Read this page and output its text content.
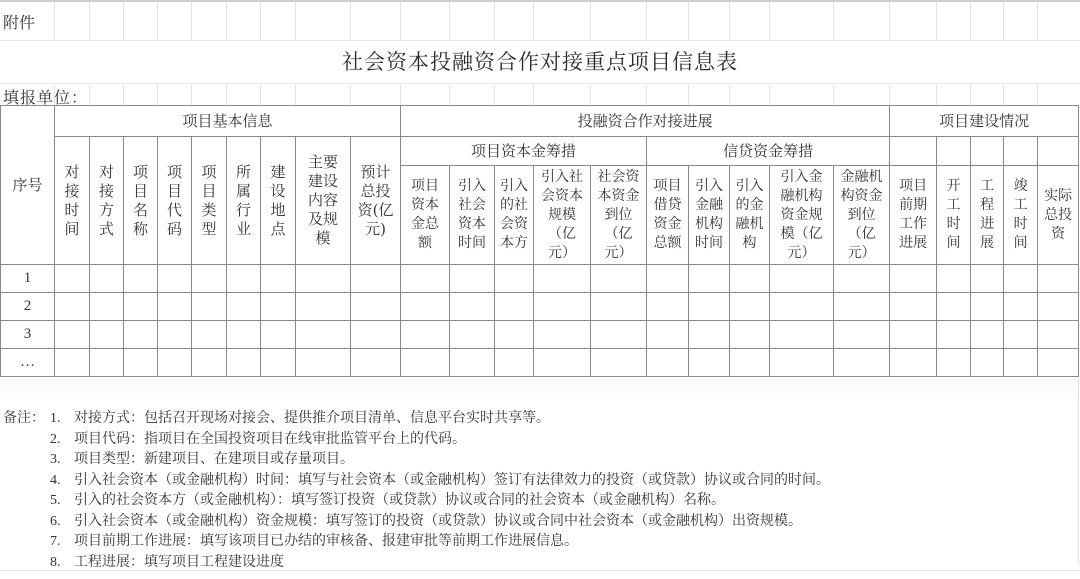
附件
社会资本投融资合作对接重点项目信息表
填报单位：
序号	项目基本信息									投融资合作对接进展										项目建设情况				
	对接时间	对接方式	项目名称	项目代码	项目类型	所属行业	建设地点	主要建设内容及规模	预计总投资(亿元)	项目资本金筹措					信贷资金筹措									
										项目资本金总额	引入社会资本时间	引入的社会资本方	引入社会资本规模（亿元）	社会资本资金到位（亿元）	项目借贷资金总额	引入金融机构时间	引入的金融机构	引入金融机构资金规模（亿元）	金融机构资金到位（亿元）	项目前期工作进展	开工时间	工程进展	竣工时间	实际总投资
1																								
2																								
3																								
…																								
备注： 1. 对接方式：包括召开现场对接会、提供推介项目清单、信息平台实时共享等。
2. 项目代码：指项目在全国投资项目在线审批监管平台上的代码。
3. 项目类型：新建项目、在建项目或存量项目。
4. 引入社会资本（或金融机构）时间：填写与社会资本（或金融机构）签订有法律效力的投资（或贷款）协议或合同的时间。
5. 引入的社会资本方（或金融机构）：填写签订投资（或贷款）协议或合同的社会资本（或金融机构）名称。
6. 引入社会资本（或金融机构）资金规模：填写签订的投资（或贷款）协议或合同中社会资本（或金融机构）出资规模。
7. 项目前期工作进展：填写该项目已办结的审核备、报建审批等前期工作进展信息。
8. 工程进展：填写项目工程建设进度
